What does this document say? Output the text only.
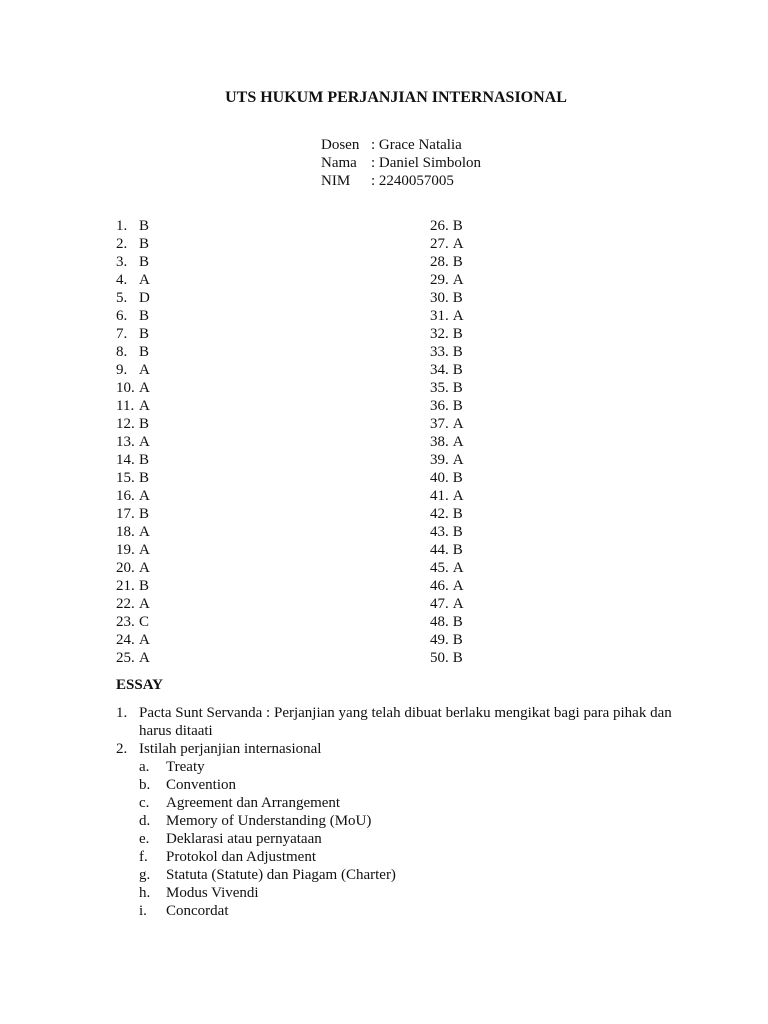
UTS HUKUM PERJANJIAN INTERNASIONAL
Dosen : Grace Natalia
Nama : Daniel Simbolon
NIM : 2240057005
1. B
2. B
3. B
4. A
5. D
6. B
7. B
8. B
9. A
10. A
11. A
12. B
13. A
14. B
15. B
16. A
17. B
18. A
19. A
20. A
21. B
22. A
23. C
24. A
25. A
26. B
27. A
28. B
29. A
30. B
31. A
32. B
33. B
34. B
35. B
36. B
37. A
38. A
39. A
40. B
41. A
42. B
43. B
44. B
45. A
46. A
47. A
48. B
49. B
50. B
ESSAY
1. Pacta Sunt Servanda : Perjanjian yang telah dibuat berlaku mengikat bagi para pihak dan harus ditaati
2. Istilah perjanjian internasional
a. Treaty
b. Convention
c. Agreement dan Arrangement
d. Memory of Understanding (MoU)
e. Deklarasi atau pernyataan
f. Protokol dan Adjustment
g. Statuta (Statute) dan Piagam (Charter)
h. Modus Vivendi
i. Concordat
